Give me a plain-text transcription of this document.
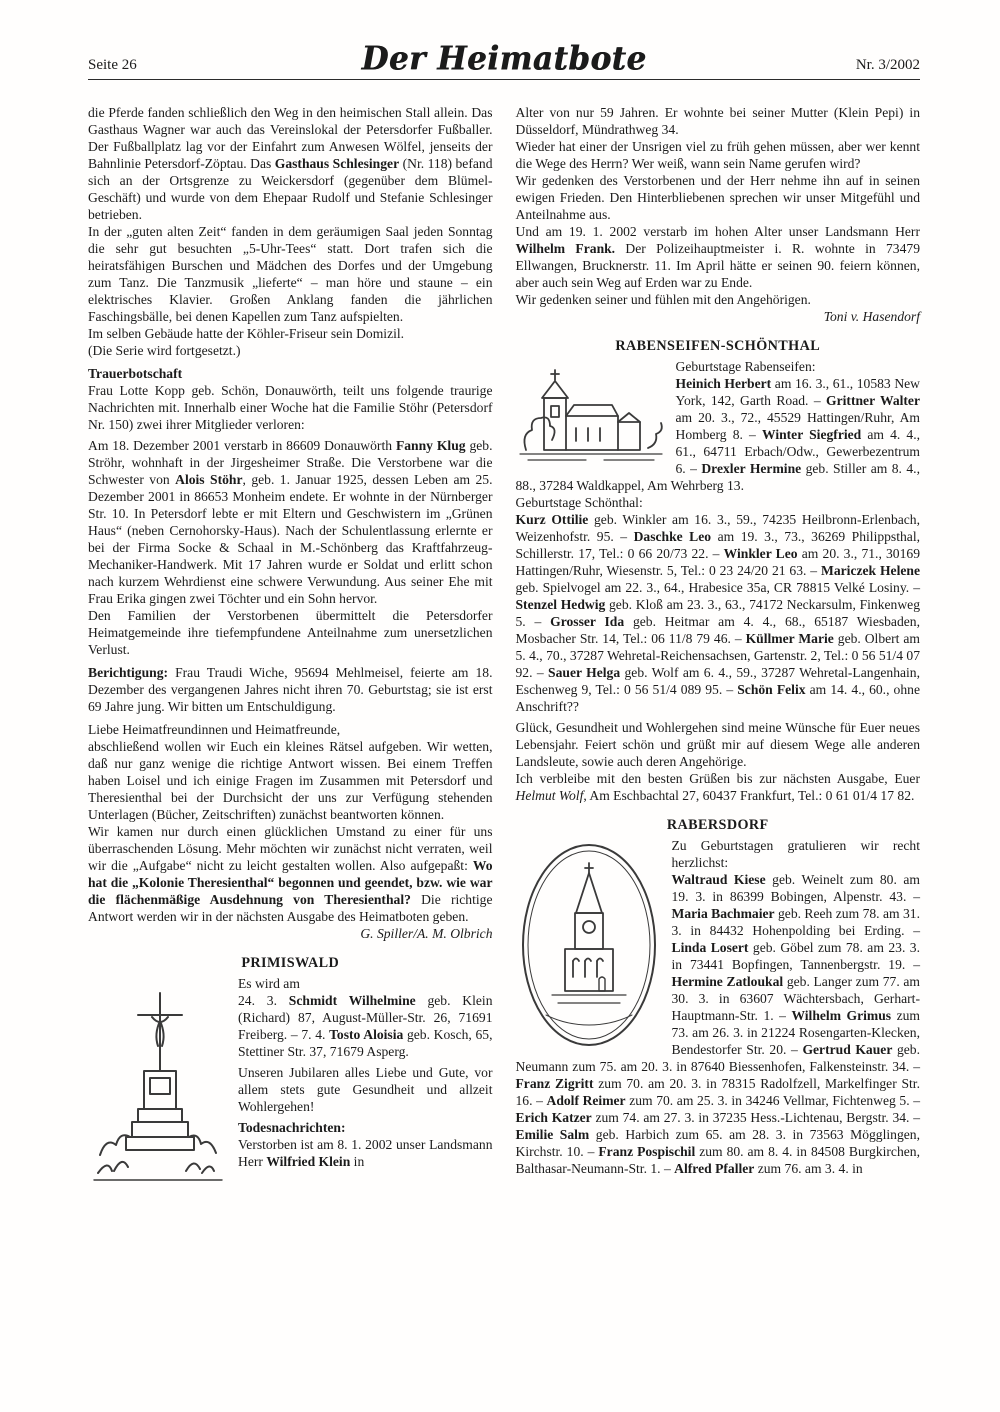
Seite 26	Der Heimatbote	Nr. 3/2002

die Pferde fanden schließlich den Weg in den heimischen Stall allein. Das Gasthaus Wagner war auch das Vereinslokal der Petersdorfer Fußballer. Der Fußballplatz lag vor der Einfahrt zum Anwesen Wölfel, jenseits der Bahnlinie Petersdorf-Zöptau. Das Gasthaus Schlesinger (Nr. 118) befand sich an der Ortsgrenze zu Weickersdorf (gegenüber dem Blümel-Geschäft) und wurde von dem Ehepaar Rudolf und Stefanie Schlesinger betrieben.

In der „guten alten Zeit“ fanden in dem geräumigen Saal jeden Sonntag die sehr gut besuchten „5-Uhr-Tees“ statt. Dort trafen sich die heiratsfähigen Burschen und Mädchen des Dorfes und der Umgebung zum Tanz. Die Tanzmusik „lieferte“ – man höre und staune – ein elektrisches Klavier. Großen Anklang fanden die jährlichen Faschingsbälle, bei denen Kapellen zum Tanz aufspielten.

Im selben Gebäude hatte der Köhler-Friseur sein Domizil.

(Die Serie wird fortgesetzt.)

Trauerbotschaft

Frau Lotte Kopp geb. Schön, Donauwörth, teilt uns folgende traurige Nachrichten mit. Innerhalb einer Woche hat die Familie Stöhr (Petersdorf Nr. 150) zwei ihrer Mitglieder verloren:

Am 18. Dezember 2001 verstarb in 86609 Donauwörth Fanny Klug geb. Ströhr, wohnhaft in der Jirgesheimer Straße. Die Verstorbene war die Schwester von Alois Stöhr, geb. 1. Januar 1925, dessen Leben am 25. Dezember 2001 in 86653 Monheim endete. Er wohnte in der Nürnberger Str. 10. In Petersdorf lebte er mit Eltern und Geschwistern im „Grünen Haus“ (neben Cernohorsky-Haus). Nach der Schulentlassung erlernte er bei der Firma Socke & Schaal in M.-Schönberg das Kraftfahrzeug-Mechaniker-Handwerk. Mit 17 Jahren wurde er Soldat und erlitt schon nach kurzem Wehrdienst eine schwere Verwundung. Aus seiner Ehe mit Frau Erika gingen zwei Töchter und ein Sohn hervor.

Den Familien der Verstorbenen übermittelt die Petersdorfer Heimatgemeinde ihre tiefempfundene Anteilnahme zum unersetzlichen Verlust.

Berichtigung: Frau Traudi Wiche, 95694 Mehlmeisel, feierte am 18. Dezember des vergangenen Jahres nicht ihren 70. Geburtstag; sie ist erst 69 Jahre jung. Wir bitten um Entschuldigung.

Liebe Heimatfreundinnen und Heimatfreunde,

abschließend wollen wir Euch ein kleines Rätsel aufgeben. Wir wetten, daß nur ganz wenige die richtige Antwort wissen. Bei einem Treffen haben Loisel und ich einige Fragen im Zusammen mit Petersdorf und Theresienthal bei der Durchsicht der uns zur Verfügung stehenden Unterlagen (Bücher, Zeitschriften) zunächst beantworten können.

Wir kamen nur durch einen glücklichen Umstand zu einer für uns überraschenden Lösung. Mehr möchten wir zunächst nicht verraten, weil wir die „Aufgabe“ nicht zu leicht gestalten wollen. Also aufgepaßt: Wo hat die „Kolonie Theresienthal“ begonnen und geendet, bzw. wie war die flächenmäßige Ausdehnung von Theresienthal? Die richtige Antwort werden wir in der nächsten Ausgabe des Heimatboten geben.

G. Spiller/A. M. Olbrich

PRIMISWALD

Es wird am

24. 3. Schmidt Wilhelmine geb. Klein (Richard) 87, August-Müller-Str. 26, 71691 Freiberg. – 7. 4. Tosto Aloisia geb. Kosch, 65, Stettiner Str. 37, 71679 Asperg.

Unseren Jubilaren alles Liebe und Gute, vor allem stets gute Gesundheit und allzeit Wohlergehen!

Todesnachrichten:

Verstorben ist am 8. 1. 2002 unser Landsmann Herr Wilfried Klein in

Alter von nur 59 Jahren. Er wohnte bei seiner Mutter (Klein Pepi) in Düsseldorf, Mündrathweg 34.

Wieder hat einer der Unsrigen viel zu früh gehen müssen, aber wer kennt die Wege des Herrn? Wer weiß, wann sein Name gerufen wird?

Wir gedenken des Verstorbenen und der Herr nehme ihn auf in seinen ewigen Frieden. Den Hinterbliebenen sprechen wir unser Mitgefühl und Anteilnahme aus.

Und am 19. 1. 2002 verstarb im hohen Alter unser Landsmann Herr Wilhelm Frank. Der Polizeihauptmeister i. R. wohnte in 73479 Ellwangen, Brucknerstr. 11. Im April hätte er seinen 90. feiern können, aber auch sein Weg auf Erden war zu Ende.

Wir gedenken seiner und fühlen mit den Angehörigen.

Toni v. Hasendorf

RABENSEIFEN-SCHÖNTHAL

Geburtstage Rabenseifen:

Heinich Herbert am 16. 3., 61., 10583 New York, 142, Garth Road. – Grittner Walter am 20. 3., 72., 45529 Hattingen/Ruhr, Am Homberg 8. – Winter Siegfried am 4. 4., 61., 64711 Erbach/Odw., Gewerbezentrum 6. – Drexler Hermine geb. Stiller am 8. 4., 88., 37284 Waldkappel, Am Wehrberg 13.

Geburtstage Schönthal:

Kurz Ottilie geb. Winkler am 16. 3., 59., 74235 Heilbronn-Erlenbach, Weizenhofstr. 95. – Daschke Leo am 19. 3., 73., 36269 Philippsthal, Schillerstr. 17, Tel.: 0 66 20/73 22. – Winkler Leo am 20. 3., 71., 30169 Hattingen/Ruhr, Wiesenstr. 5, Tel.: 0 23 24/20 21 63. – Mariczek Helene geb. Spielvogel am 22. 3., 64., Hrabesice 35a, CR 78815 Velké Losiny. – Stenzel Hedwig geb. Kloß am 23. 3., 63., 74172 Neckarsulm, Finkenweg 5. – Grosser Ida geb. Heitmar am 4. 4., 68., 65187 Wiesbaden, Mosbacher Str. 14, Tel.: 06 11/8 79 46. – Küllmer Marie geb. Olbert am 5. 4., 70., 37287 Wehretal-Reichensachsen, Gartenstr. 2, Tel.: 0 56 51/4 07 92. – Sauer Helga geb. Wolf am 6. 4., 59., 37287 Wehretal-Langenhain, Eschenweg 9, Tel.: 0 56 51/4 089 95. – Schön Felix am 14. 4., 60., ohne Anschrift??

Glück, Gesundheit und Wohlergehen sind meine Wünsche für Euer neues Lebensjahr. Feiert schön und grüßt mir auf diesem Wege alle anderen Landsleute, sowie auch deren Angehörige.

Ich verbleibe mit den besten Grüßen bis zur nächsten Ausgabe, Euer Helmut Wolf, Am Eschbachtal 27, 60437 Frankfurt, Tel.: 0 61 01/4 17 82.

RABERSDORF

Zu Geburtstagen gratulieren wir recht herzlichst:

Waltraud Kiese geb. Weinelt zum 80. am 19. 3. in 86399 Bobingen, Alpenstr. 43. – Maria Bachmaier geb. Reeh zum 78. am 31. 3. in 84432 Hohenpolding bei Erding. – Linda Losert geb. Göbel zum 78. am 23. 3. in 73441 Bopfingen, Tannenbergstr. 19. – Hermine Zatloukal geb. Langer zum 77. am 30. 3. in 63607 Wächtersbach, Gerhart-Hauptmann-Str. 1. – Wilhelm Grimus zum 73. am 26. 3. in 21224 Rosengarten-Klecken, Bendestorfer Str. 20. – Gertrud Kauer geb. Neumann zum 75. am 20. 3. in 87640 Biessenhofen, Falkensteinstr. 34. – Franz Zigritt zum 70. am 20. 3. in 78315 Radolfzell, Markelfinger Str. 16. – Adolf Reimer zum 70. am 25. 3. in 34246 Vellmar, Fichtenweg 5. – Erich Katzer zum 74. am 27. 3. in 37235 Hess.-Lichtenau, Bergstr. 34. – Emilie Salm geb. Harbich zum 65. am 28. 3. in 73563 Mögglingen, Kirchstr. 10. – Franz Pospischil zum 80. am 8. 4. in 84508 Burgkirchen, Balthasar-Neumann-Str. 1. – Alfred Pfaller zum 76. am 3. 4. in
